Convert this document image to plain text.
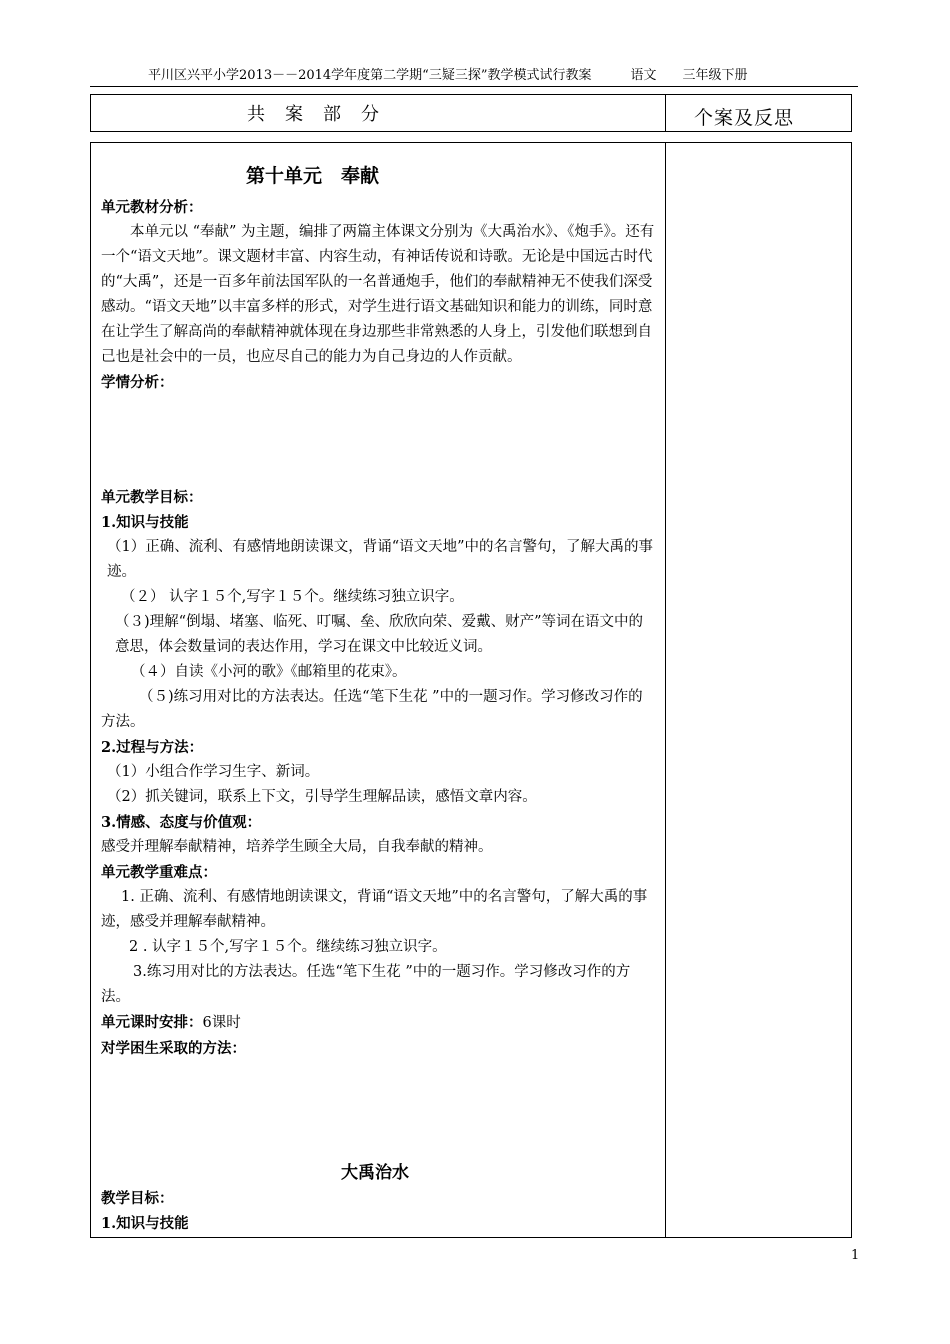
平川区兴平小学2013－－2014学年度第二学期“三疑三探”教学模式试行教案　　　语文　　三年级下册
共案部分	个案及反思

第十单元　奉献

单元教材分析：

本单元以 “奉献” 为主题，编排了两篇主体课文分别为《大禹治水》、《炮手》。还有一个“语文天地”。课文题材丰富、内容生动，有神话传说和诗歌。无论是中国远古时代的“大禹”，还是一百多年前法国军队的一名普通炮手，他们的奉献精神无不使我们深受感动。“语文天地”以丰富多样的形式，对学生进行语文基础知识和能力的训练，同时意在让学生了解高尚的奉献精神就体现在身边那些非常熟悉的人身上，引发他们联想到自己也是社会中的一员，也应尽自己的能力为自己身边的人作贡献。

学情分析：

单元教学目标：

1.知识与技能

（1）正确、流利、有感情地朗读课文，背诵“语文天地”中的名言警句，了解大禹的事迹。

（２） 认字１５个,写字１５个。继续练习独立识字。

（３)理解“倒塌、堵塞、临死、叮嘱、垒、欣欣向荣、爱戴、财产”等词在语文中的意思，体会数量词的表达作用，学习在课文中比较近义词。

（４）自读《小河的歌》《邮箱里的花束》。

（５)练习用对比的方法表达。任选“笔下生花 ”中的一题习作。学习修改习作的方法。

2.过程与方法：

（1）小组合作学习生字、新词。

（2）抓关键词，联系上下文，引导学生理解品读，感悟文章内容。

3.情感、态度与价值观：

感受并理解奉献精神，培养学生顾全大局，自我奉献的精神。

单元教学重难点：

1. 正确、流利、有感情地朗读课文，背诵“语文天地”中的名言警句，了解大禹的事迹，感受并理解奉献精神。

2 . 认字１５个,写字１５个。继续练习独立识字。

3.练习用对比的方法表达。任选“笔下生花 ”中的一题习作。学习修改习作的方法。

单元课时安排：6课时

对学困生采取的方法：

大禹治水

教学目标：

1.知识与技能

1
